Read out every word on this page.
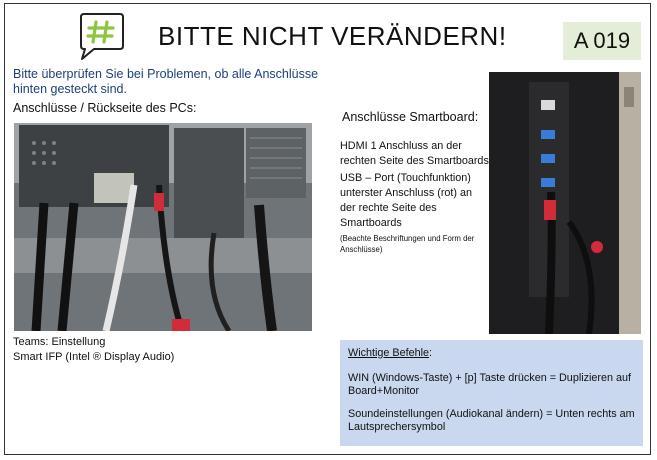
BITTE NICHT VERÄNDERN!	A 019
Bitte überprüfen Sie bei Problemen, ob alle Anschlüsse hinten gesteckt sind.
Anschlüsse / Rückseite des PCs:
Teams: Einstellung
Smart IFP (Intel ® Display Audio)
Anschlüsse Smartboard:

HDMI 1 Anschluss an der rechten Seite des Smartboards

USB – Port (Touchfunktion) unterster Anschluss (rot) an der rechte Seite des Smartboards

(Beachte Beschriftungen und Form der Anschlüsse)
Wichtige Befehle:

WIN (Windows-Taste) + [p] Taste drücken = Duplizieren auf Board+Monitor

Soundeinstellungen (Audiokanal ändern) = Unten rechts am Lautsprechersymbol
